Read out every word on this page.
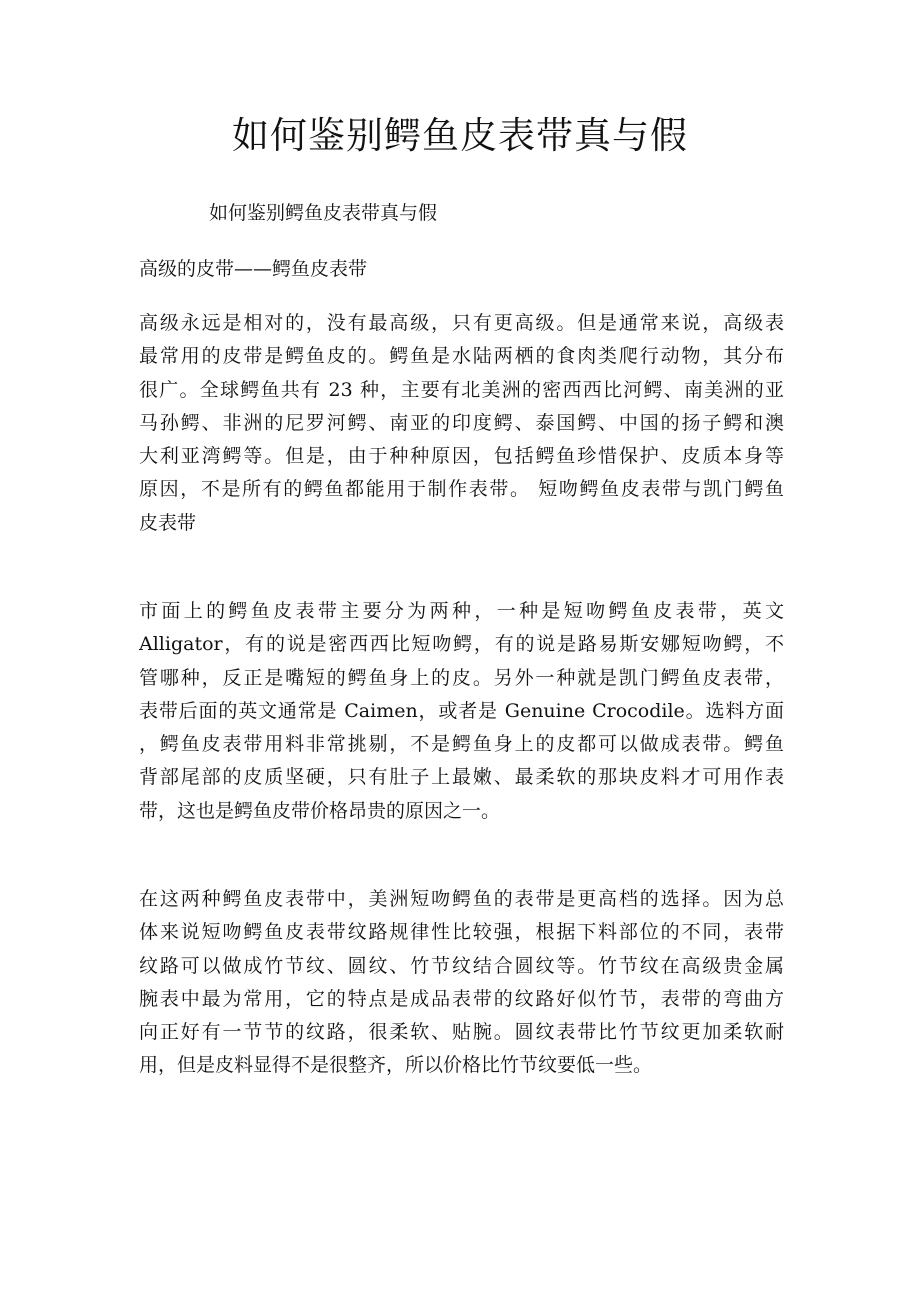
如何鉴别鳄鱼皮表带真与假

如何鉴别鳄鱼皮表带真与假

高级的皮带——鳄鱼皮表带

高级永远是相对的，没有最高级，只有更高级。但是通常来说，高级表
最常用的皮带是鳄鱼皮的。鳄鱼是水陆两栖的食肉类爬行动物，其分布
很广。全球鳄鱼共有 23 种，主要有北美洲的密西西比河鳄、南美洲的亚
马孙鳄、非洲的尼罗河鳄、南亚的印度鳄、泰国鳄、中国的扬子鳄和澳
大利亚湾鳄等。但是，由于种种原因，包括鳄鱼珍惜保护、皮质本身等
原因，不是所有的鳄鱼都能用于制作表带。 短吻鳄鱼皮表带与凯门鳄鱼
皮表带
市面上的鳄鱼皮表带主要分为两种，一种是短吻鳄鱼皮表带，英文
Alligator，有的说是密西西比短吻鳄，有的说是路易斯安娜短吻鳄，不
管哪种，反正是嘴短的鳄鱼身上的皮。另外一种就是凯门鳄鱼皮表带，
表带后面的英文通常是 Caimen，或者是 Genuine Crocodile。选料方面
，鳄鱼皮表带用料非常挑剔，不是鳄鱼身上的皮都可以做成表带。鳄鱼
背部尾部的皮质坚硬，只有肚子上最嫩、最柔软的那块皮料才可用作表
带，这也是鳄鱼皮带价格昂贵的原因之一。
在这两种鳄鱼皮表带中，美洲短吻鳄鱼的表带是更高档的选择。因为总
体来说短吻鳄鱼皮表带纹路规律性比较强，根据下料部位的不同，表带
纹路可以做成竹节纹、圆纹、竹节纹结合圆纹等。竹节纹在高级贵金属
腕表中最为常用，它的特点是成品表带的纹路好似竹节，表带的弯曲方
向正好有一节节的纹路，很柔软、贴腕。圆纹表带比竹节纹更加柔软耐
用，但是皮料显得不是很整齐，所以价格比竹节纹要低一些。
